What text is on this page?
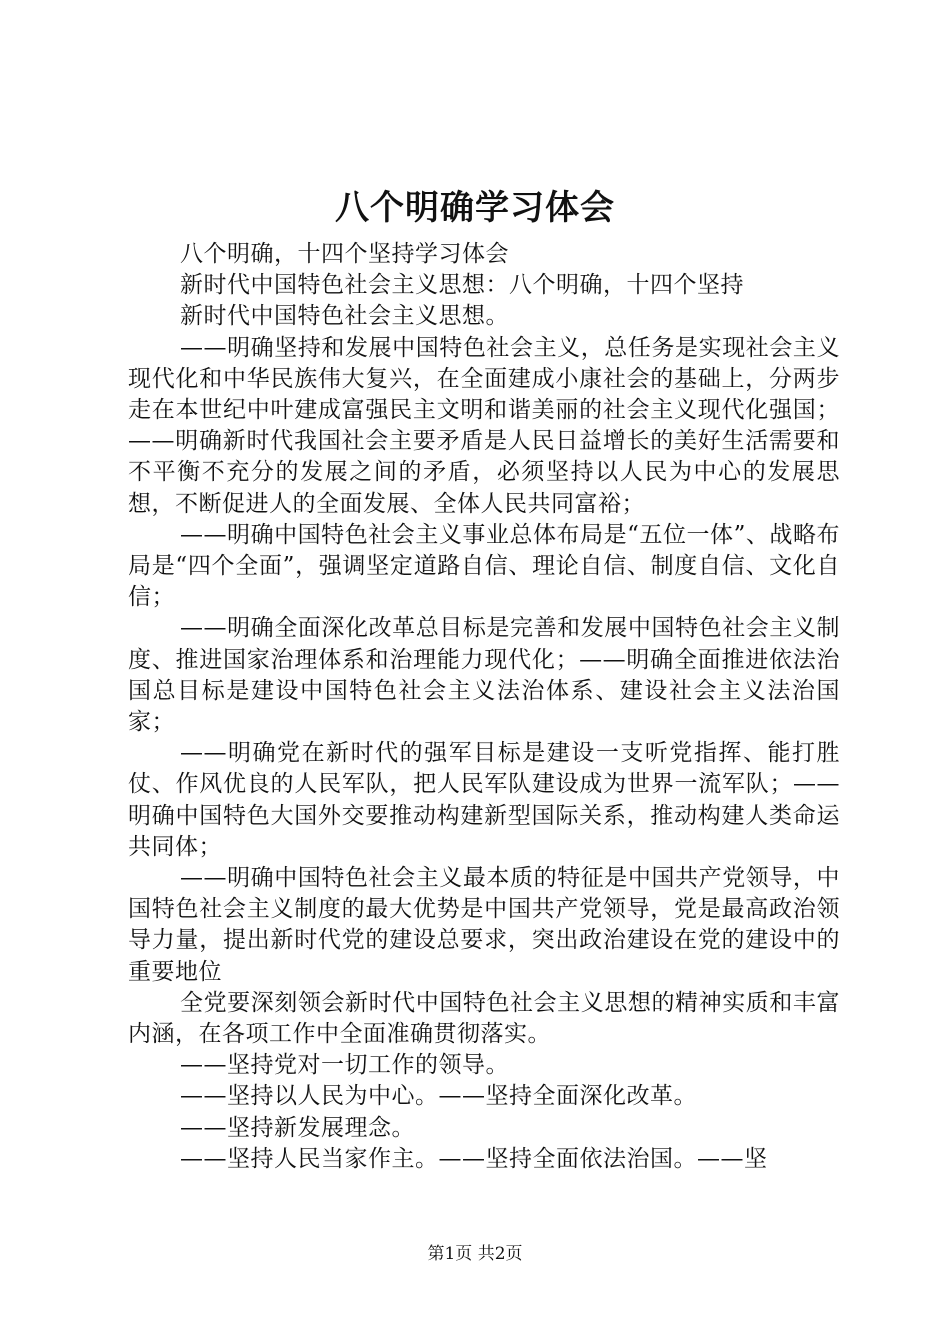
八个明确学习体会

八个明确，十四个坚持学习体会

新时代中国特色社会主义思想：八个明确，十四个坚持

新时代中国特色社会主义思想。

——明确坚持和发展中国特色社会主义，总任务是实现社会主义现代化和中华民族伟大复兴，在全面建成小康社会的基础上，分两步走在本世纪中叶建成富强民主文明和谐美丽的社会主义现代化强国；——明确新时代我国社会主要矛盾是人民日益增长的美好生活需要和不平衡不充分的发展之间的矛盾，必须坚持以人民为中心的发展思想，不断促进人的全面发展、全体人民共同富裕；

——明确中国特色社会主义事业总体布局是“五位一体”、战略布局是“四个全面”，强调坚定道路自信、理论自信、制度自信、文化自信；

——明确全面深化改革总目标是完善和发展中国特色社会主义制度、推进国家治理体系和治理能力现代化；——明确全面推进依法治国总目标是建设中国特色社会主义法治体系、建设社会主义法治国家；

——明确党在新时代的强军目标是建设一支听党指挥、能打胜仗、作风优良的人民军队，把人民军队建设成为世界一流军队；——明确中国特色大国外交要推动构建新型国际关系，推动构建人类命运共同体；

——明确中国特色社会主义最本质的特征是中国共产党领导，中国特色社会主义制度的最大优势是中国共产党领导，党是最高政治领导力量，提出新时代党的建设总要求，突出政治建设在党的建设中的重要地位

全党要深刻领会新时代中国特色社会主义思想的精神实质和丰富内涵，在各项工作中全面准确贯彻落实。

——坚持党对一切工作的领导。

——坚持以人民为中心。——坚持全面深化改革。

——坚持新发展理念。

——坚持人民当家作主。——坚持全面依法治国。——坚

第1页 共2页
